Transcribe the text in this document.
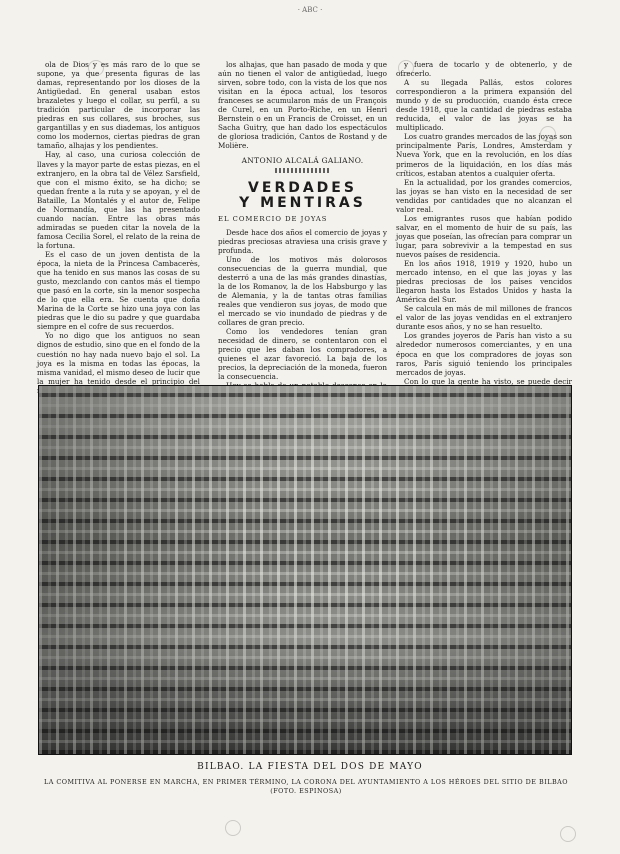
· ABC ·

ola de Dios y es más raro de lo que se supone, ya que presenta figuras de las damas, representando por los dioses de la Antigüedad. En general usaban estos brazaletes y luego el collar, su perfil, a su tradición particular de incorporar las piedras en sus collares, sus broches, sus gargantillas y en sus diademas, los antiguos como los modernos, ciertas piedras de gran tamaño, alhajas y los pendientes.

Hay, al caso, una curiosa colección de llaves y la mayor parte de estas piezas, en el extranjero, en la obra tal de Vélez Sarsfield, que con el mismo éxito, se ha dicho; se quedan frente a la ruta y se apoyan, y el de Bataille, La Montalés y el autor de, Felipe de Normandía, que las ha presentado cuando nacían. Entre las obras más admiradas se pueden citar la novela de la famosa Cecilia Sorel, el relato de la reina de la fortuna.

Es el caso de un joven dentista de la época, la nieta de la Princesa Cambacerès, que ha tenido en sus manos las cosas de su gusto, mezclando con cantos más el tiempo que pasó en la corte, sin la menor sospecha de lo que ella era. Se cuenta que doña Marina de la Corte se hizo una joya con las piedras que le dio su padre y que guardaba siempre en el cofre de sus recuerdos.

Yo no digo que los antiguos no sean dignos de estudio, sino que en el fondo de la cuestión no hay nada nuevo bajo el sol. La joya es la misma en todas las épocas, la misma vanidad, el mismo deseo de lucir que la mujer ha tenido desde el principio del

los alhajas, que han pasado de moda y que aún no tienen el valor de antigüedad, luego sirven, sobre todo, con la vista de los que nos visitan en la época actual, los tesoros franceses se acumularon más de un François de Curel, en un Porto-Riche, en un Henri Bernstein o en un Francis de Croisset, en un Sacha Guitry, que han dado los espectáculos de gloriosa tradición, Cantos de Rostand y de Molière.

ANTONIO ALCALÁ GALIANO.
VERDADES
Y MENTIRAS
EL COMERCIO DE JOYAS

Desde hace dos años el comercio de joyas y piedras preciosas atraviesa una crisis grave y profunda.

Uno de los motivos más dolorosos consecuencias de la guerra mundial, que desterró a una de las más grandes dinastías, la de los Romanov, la de los Habsburgo y las de Alemania, y la de tantas otras familias reales que vendieron sus joyas, de modo que el mercado se vio inundado de piedras y de collares de gran precio.

Como los vendedores tenían gran necesidad de dinero, se contentaron con el precio que les daban los compradores, a quienes el azar favoreció. La baja de los precios, la depreciación de la moneda, fueron la consecuencia.

y fuera de tocarlo y de obtenerlo, y de ofrecerlo.

A su llegada Pallás, estos colores correspondieron a la primera expansión del mundo y de su producción, cuando ésta crece desde 1918, que la cantidad de piedras estaba reducida, el valor de las joyas se ha multiplicado.

Los cuatro grandes mercados de las joyas son principalmente París, Londres, Amsterdam y Nueva York, que en la revolución, en los días primeros de la liquidación, en los días más críticos, estaban atentos a cualquier oferta.

En la actualidad, por los grandes comercios, las joyas se han visto en la necesidad de ser vendidas por cantidades que no alcanzan el valor real.

Los emigrantes rusos que habían podido salvar, en el momento de huir de su país, las joyas que poseían, las ofrecían para comprar un lugar, para sobrevivir a la tempestad en sus nuevos países de residencia.

En los años 1918, 1919 y 1920, hubo un mercado intenso, en el que las joyas y las piedras preciosas de los países vencidos llegaron hasta los Estados Unidos y hasta la América del Sur.

Se calcula en más de mil millones de francos el valor de las joyas vendidas en el extranjero durante esos años, y no se han resuelto.

Los grandes joyeros de París han visto a su alrededor numerosos comerciantes, y en una época en que los compradores de joyas son raros, París siguió teniendo los principales mercados de joyas.

Con lo que la gente ha visto, se puede decir

BILBAO. LA FIESTA DEL DOS DE MAYO
LA COMITIVA AL PONERSE EN MARCHA, EN PRIMER TÉRMINO, LA CORONA DEL AYUNTAMIENTO A LOS HÉROES DEL SITIO DE BILBAO (FOTO. ESPINOSA)
